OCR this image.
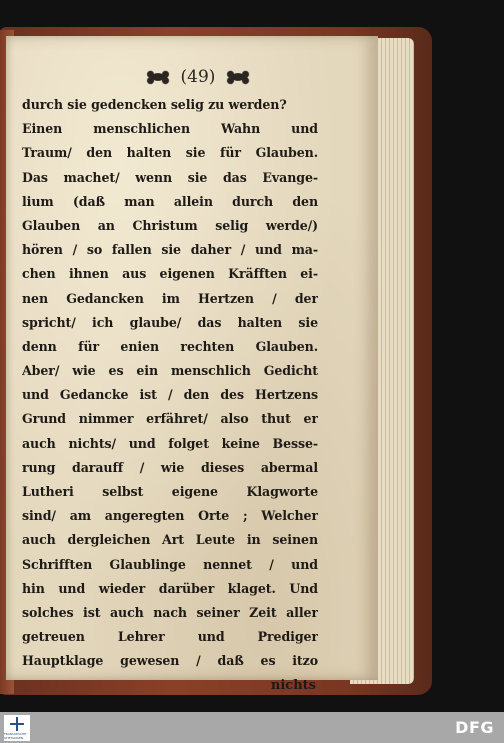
(49)
durch sie gedencken selig zu werden?
Einen menschlichen Wahn und
Traum/ den halten sie für Glauben.
Das machet/ wenn sie das Evange-
lium (daß man allein durch den
Glauben an Christum selig werde/)
hören / so fallen sie daher / und ma-
chen ihnen aus eigenen Kräfften ei-
nen Gedancken im Hertzen / der
spricht/ ich glaube/ das halten sie
denn für enien rechten Glauben.
Aber/ wie es ein menschlich Gedicht
und Gedancke ist / den des Hertzens
Grund nimmer erfähret/ also thut er
auch nichts/ und folget keine Besse-
rung darauff / wie dieses abermal
Lutheri selbst eigene Klagworte
sind/ am angeregten Orte ; Welcher
auch dergleichen Art Leute in seinen
Schrifften Glaublinge nennet / und
hin und wieder darüber klaget. Und
solches ist auch nach seiner Zeit aller
getreuen Lehrer und Prediger
Hauptklage gewesen / daß es itzo
nichts
FRANCKESCHE STIFTUNGEN
DFG
